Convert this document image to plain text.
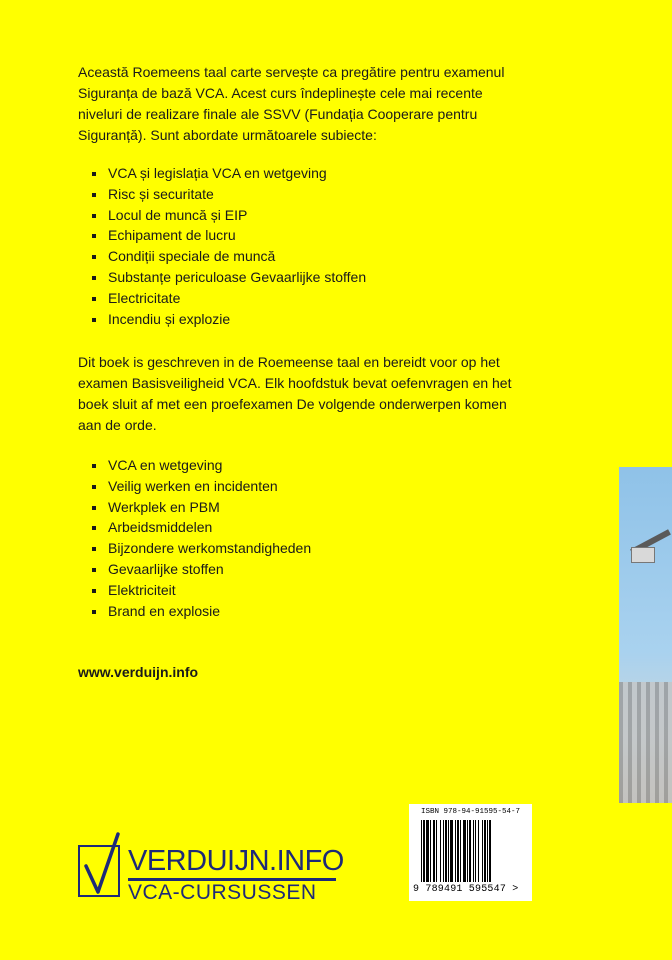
Această Roemeens taal carte servește ca pregătire pentru examenul Siguranța de bază VCA. Acest curs îndeplinește cele mai recente niveluri de realizare finale ale SSVV (Fundația Cooperare pentru Siguranță). Sunt abordate următoarele subiecte:

VCA și legislația VCA en wetgeving
Risc și securitate
Locul de muncă și EIP
Echipament de lucru
Condiții speciale de muncă
Substanțe periculoase Gevaarlijke stoffen
Electricitate
Incendiu și explozie

Dit boek is geschreven in de Roemeense taal en bereidt voor op het examen Basisveiligheid VCA. Elk hoofdstuk bevat oefenvragen en het boek sluit af met een proefexamen De volgende onderwerpen komen aan de orde.

VCA en wetgeving
Veilig werken en incidenten
Werkplek en PBM
Arbeidsmiddelen
Bijzondere werkomstandigheden
Gevaarlijke stoffen
Elektriciteit
Brand en explosie
www.verduijn.info
VERDUIJN.INFO
VCA-CURSUSSEN
ISBN 978-94-91595-54-7
9 789491 595547 >
